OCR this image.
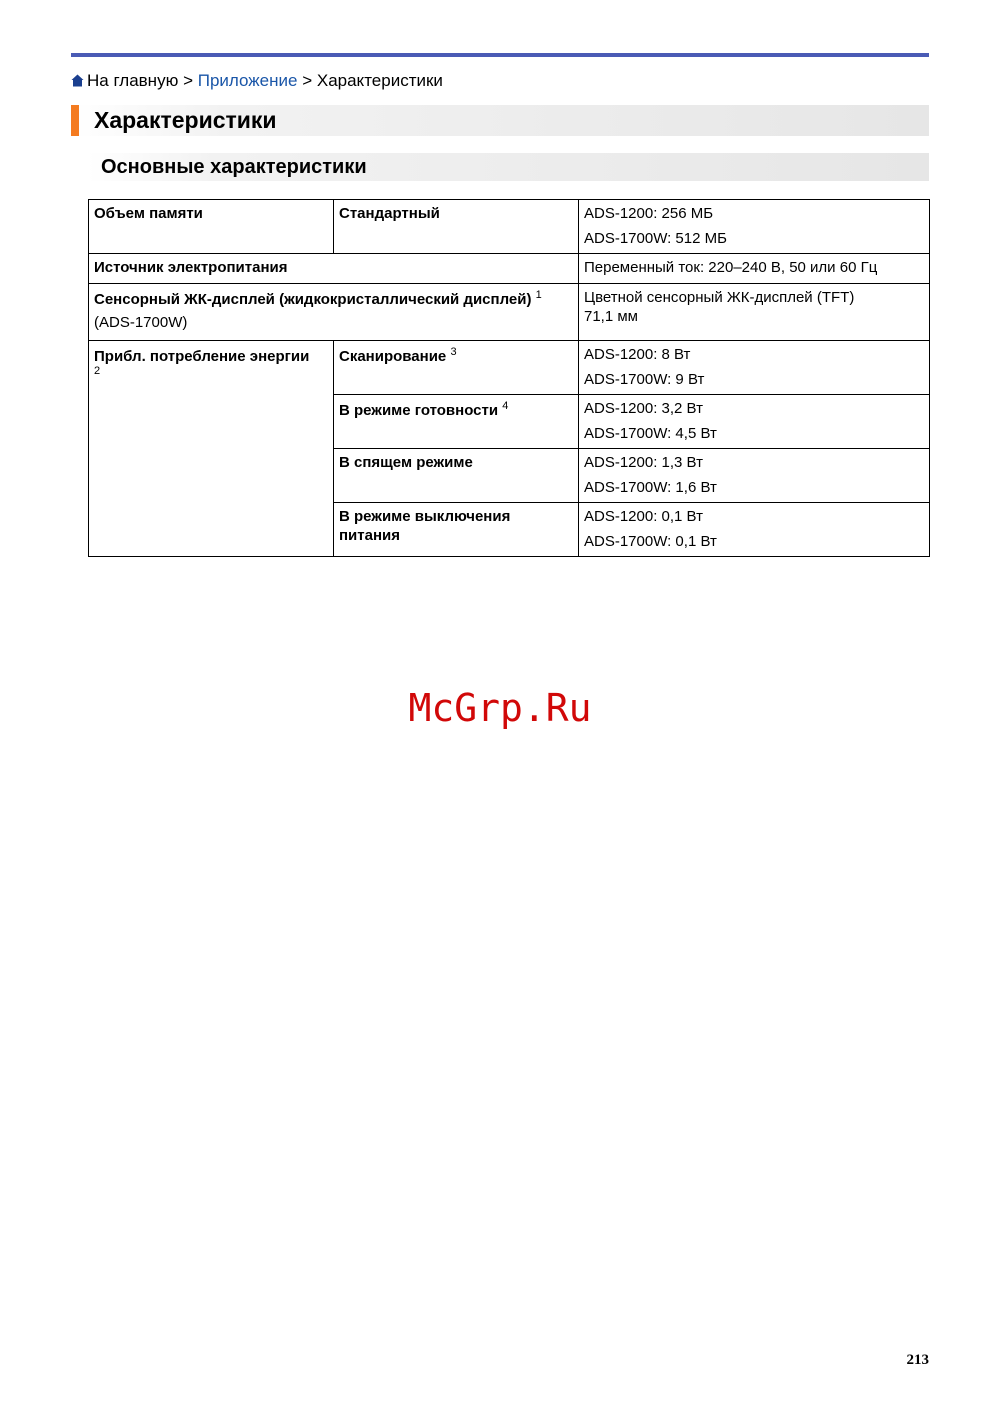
На главную > Приложение > Характеристики
Характеристики
Основные характеристики
Объем памяти	Стандартный	ADS-1200: 256 МБ
ADS-1700W: 512 МБ

Источник электропитания		Переменный ток: 220–240 В, 50 или 60 Гц
Сенсорный ЖК-дисплей (жидкокристаллический дисплей) $^1$
(ADS-1700W)		Цветной сенсорный ЖК-дисплей (TFT)
71,1 мм
Прибл. потребление энергии
2	Сканирование $^3$	ADS-1200: 8 Вт
ADS-1700W: 9 Вт

	В режиме готовности $^4$	ADS-1200: 3,2 Вт
ADS-1700W: 4,5 Вт

	В спящем режиме	ADS-1200: 1,3 Вт
ADS-1700W: 1,6 Вт

	В режиме выключения питания	ADS-1200: 0,1 Вт
ADS-1700W: 0,1 Вт
McGrp.Ru
213
